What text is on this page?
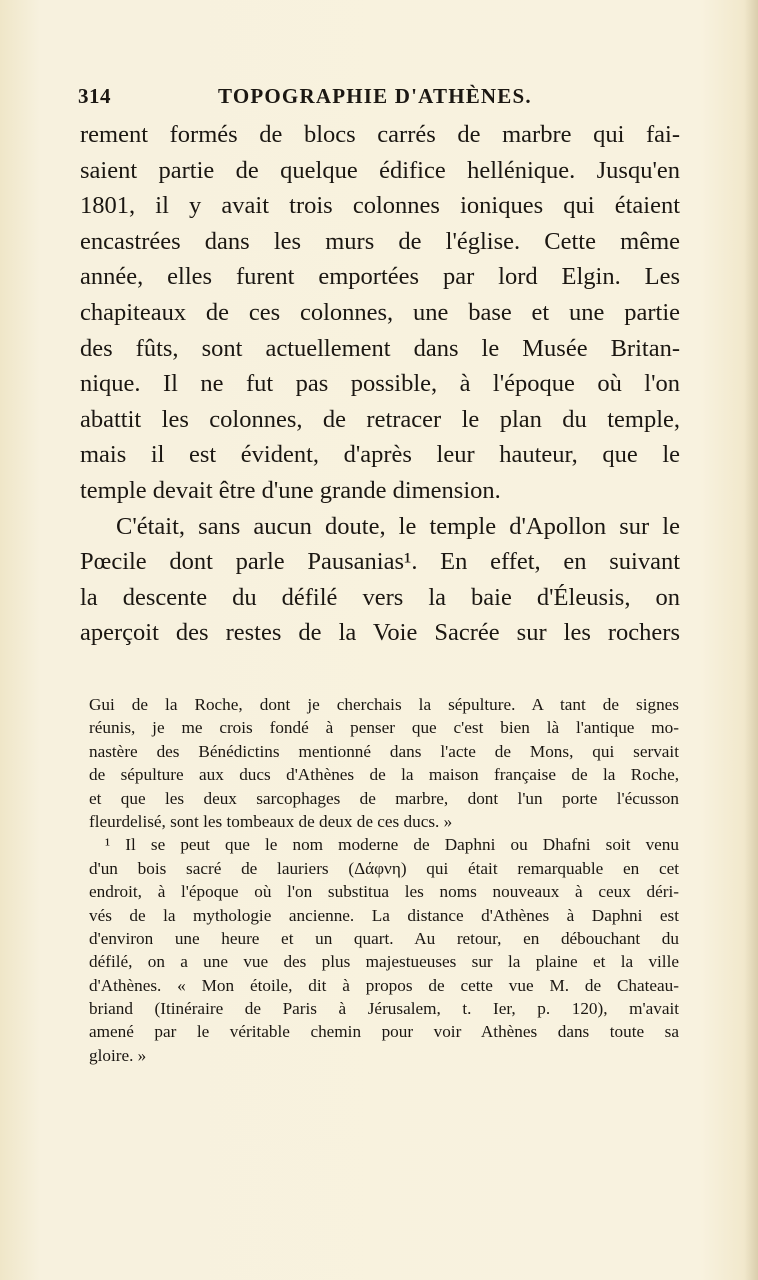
314	TOPOGRAPHIE D'ATHÈNES.
rement formés de blocs carrés de marbre qui fai-
saient partie de quelque édifice hellénique. Jusqu'en
1801, il y avait trois colonnes ioniques qui étaient
encastrées dans les murs de l'église. Cette même
année, elles furent emportées par lord Elgin. Les
chapiteaux de ces colonnes, une base et une partie
des fûts, sont actuellement dans le Musée Britan-
nique. Il ne fut pas possible, à l'époque où l'on
abattit les colonnes, de retracer le plan du temple,
mais il est évident, d'après leur hauteur, que le
temple devait être d'une grande dimension.
C'était, sans aucun doute, le temple d'Apollon sur le
Pœcile dont parle Pausanias¹. En effet, en suivant
la descente du défilé vers la baie d'Éleusis, on
aperçoit des restes de la Voie Sacrée sur les rochers
Gui de la Roche, dont je cherchais la sépulture. A tant de signes
réunis, je me crois fondé à penser que c'est bien là l'antique mo-
nastère des Bénédictins mentionné dans l'acte de Mons, qui servait
de sépulture aux ducs d'Athènes de la maison française de la Roche,
et que les deux sarcophages de marbre, dont l'un porte l'écusson
fleurdelisé, sont les tombeaux de deux de ces ducs. »
¹ Il se peut que le nom moderne de Daphni ou Dhafni soit venu
d'un bois sacré de lauriers (Δάφνη) qui était remarquable en cet
endroit, à l'époque où l'on substitua les noms nouveaux à ceux déri-
vés de la mythologie ancienne. La distance d'Athènes à Daphni est
d'environ une heure et un quart. Au retour, en débouchant du
défilé, on a une vue des plus majestueuses sur la plaine et la ville
d'Athènes. « Mon étoile, dit à propos de cette vue M. de Chateau-
briand (Itinéraire de Paris à Jérusalem, t. Ier, p. 120), m'avait
amené par le véritable chemin pour voir Athènes dans toute sa
gloire. »
